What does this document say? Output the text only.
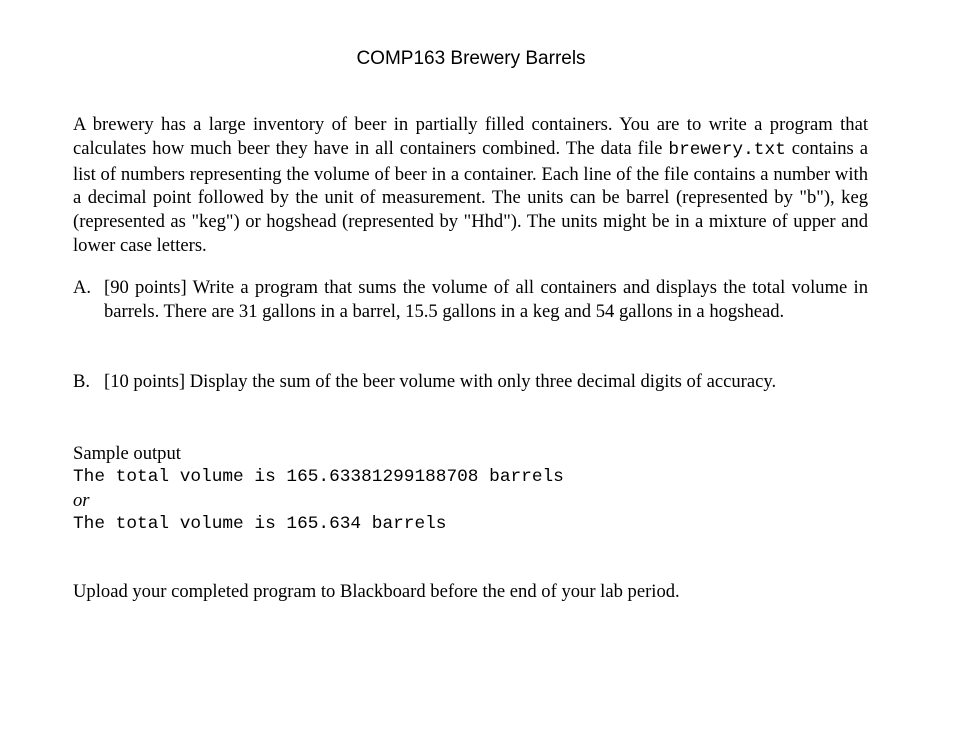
COMP163 Brewery Barrels
A brewery has a large inventory of beer in partially filled containers. You are to write a program that calculates how much beer they have in all containers combined. The data file brewery.txt contains a list of numbers representing the volume of beer in a container. Each line of the file contains a number with a decimal point followed by the unit of measurement. The units can be barrel (represented by "b"), keg (represented as "keg") or hogshead (represented by "Hhd"). The units might be in a mixture of upper and lower case letters.
A. [90 points] Write a program that sums the volume of all containers and displays the total volume in barrels. There are 31 gallons in a barrel, 15.5 gallons in a keg and 54 gallons in a hogshead.
B. [10 points] Display the sum of the beer volume with only three decimal digits of accuracy.
Sample output
The total volume is 165.63381299188708 barrels
or
The total volume is 165.634 barrels
Upload your completed program to Blackboard before the end of your lab period.
